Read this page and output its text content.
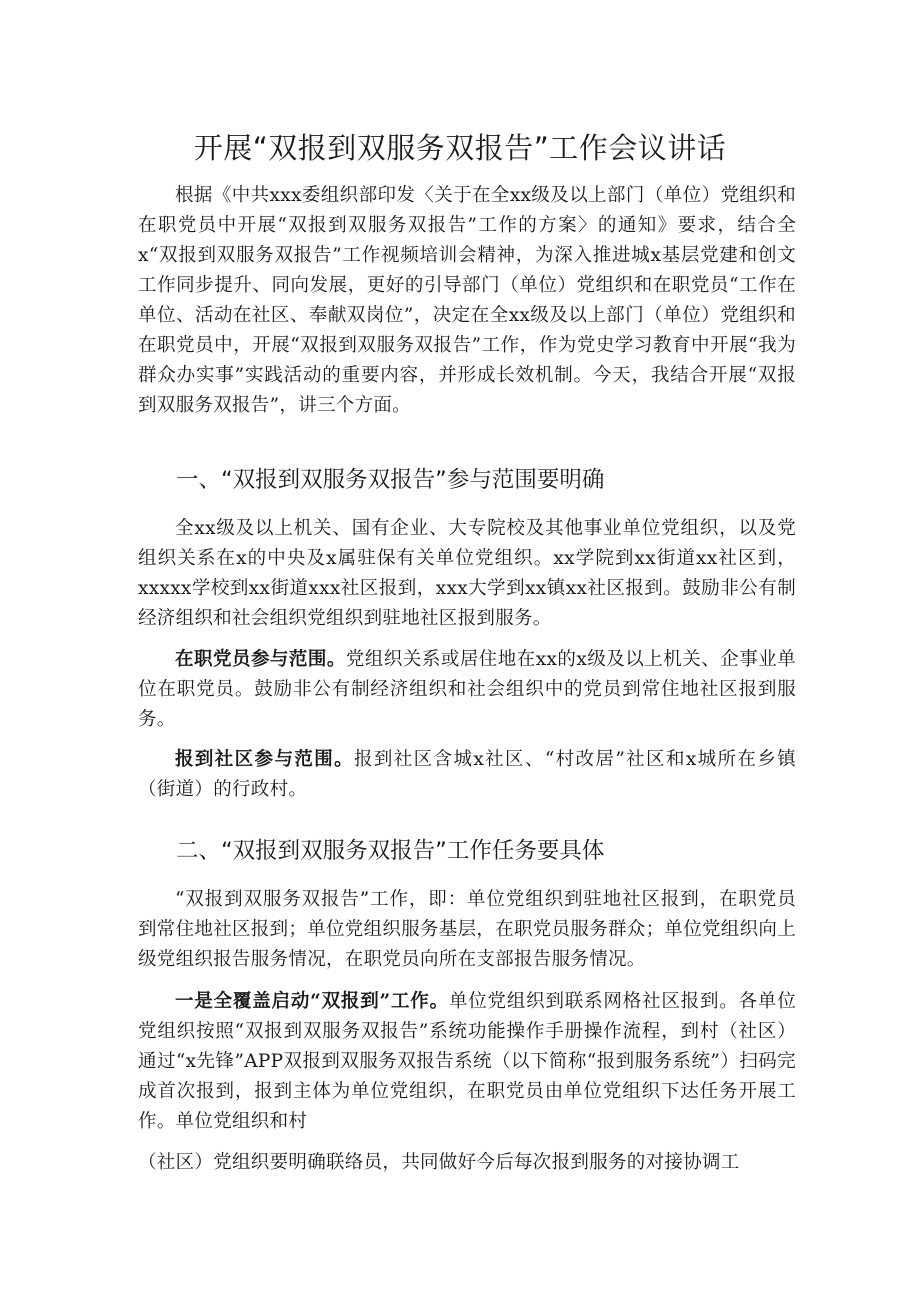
开展“双报到双服务双报告”工作会议讲话

根据《中共xxx委组织部印发〈关于在全xx级及以上部门（单位）党组织和在职党员中开展“双报到双服务双报告”工作的方案〉的通知》要求，结合全x“双报到双服务双报告”工作视频培训会精神，为深入推进城x基层党建和创文工作同步提升、同向发展，更好的引导部门（单位）党组织和在职党员“工作在单位、活动在社区、奉献双岗位”，决定在全xx级及以上部门（单位）党组织和在职党员中，开展“双报到双服务双报告”工作，作为党史学习教育中开展“我为群众办实事”实践活动的重要内容，并形成长效机制。今天，我结合开展“双报到双服务双报告”，讲三个方面。

一、“双报到双服务双报告”参与范围要明确

全xx级及以上机关、国有企业、大专院校及其他事业单位党组织，以及党组织关系在x的中央及x属驻保有关单位党组织。xx学院到xx街道xx社区到，xxxxx学校到xx街道xxx社区报到，xxx大学到xx镇xx社区报到。鼓励非公有制经济组织和社会组织党组织到驻地社区报到服务。

在职党员参与范围。党组织关系或居住地在xx的x级及以上机关、企事业单位在职党员。鼓励非公有制经济组织和社会组织中的党员到常住地社区报到服务。

报到社区参与范围。报到社区含城x社区、“村改居”社区和x城所在乡镇（街道）的行政村。

二、“双报到双服务双报告”工作任务要具体

“双报到双服务双报告”工作，即：单位党组织到驻地社区报到，在职党员到常住地社区报到；单位党组织服务基层，在职党员服务群众；单位党组织向上级党组织报告服务情况，在职党员向所在支部报告服务情况。

一是全覆盖启动“双报到”工作。单位党组织到联系网格社区报到。各单位党组织按照“双报到双服务双报告”系统功能操作手册操作流程，到村（社区）通过“x先锋”APP双报到双服务双报告系统（以下简称“报到服务系统”）扫码完成首次报到，报到主体为单位党组织，在职党员由单位党组织下达任务开展工作。单位党组织和村

（社区）党组织要明确联络员，共同做好今后每次报到服务的对接协调工
